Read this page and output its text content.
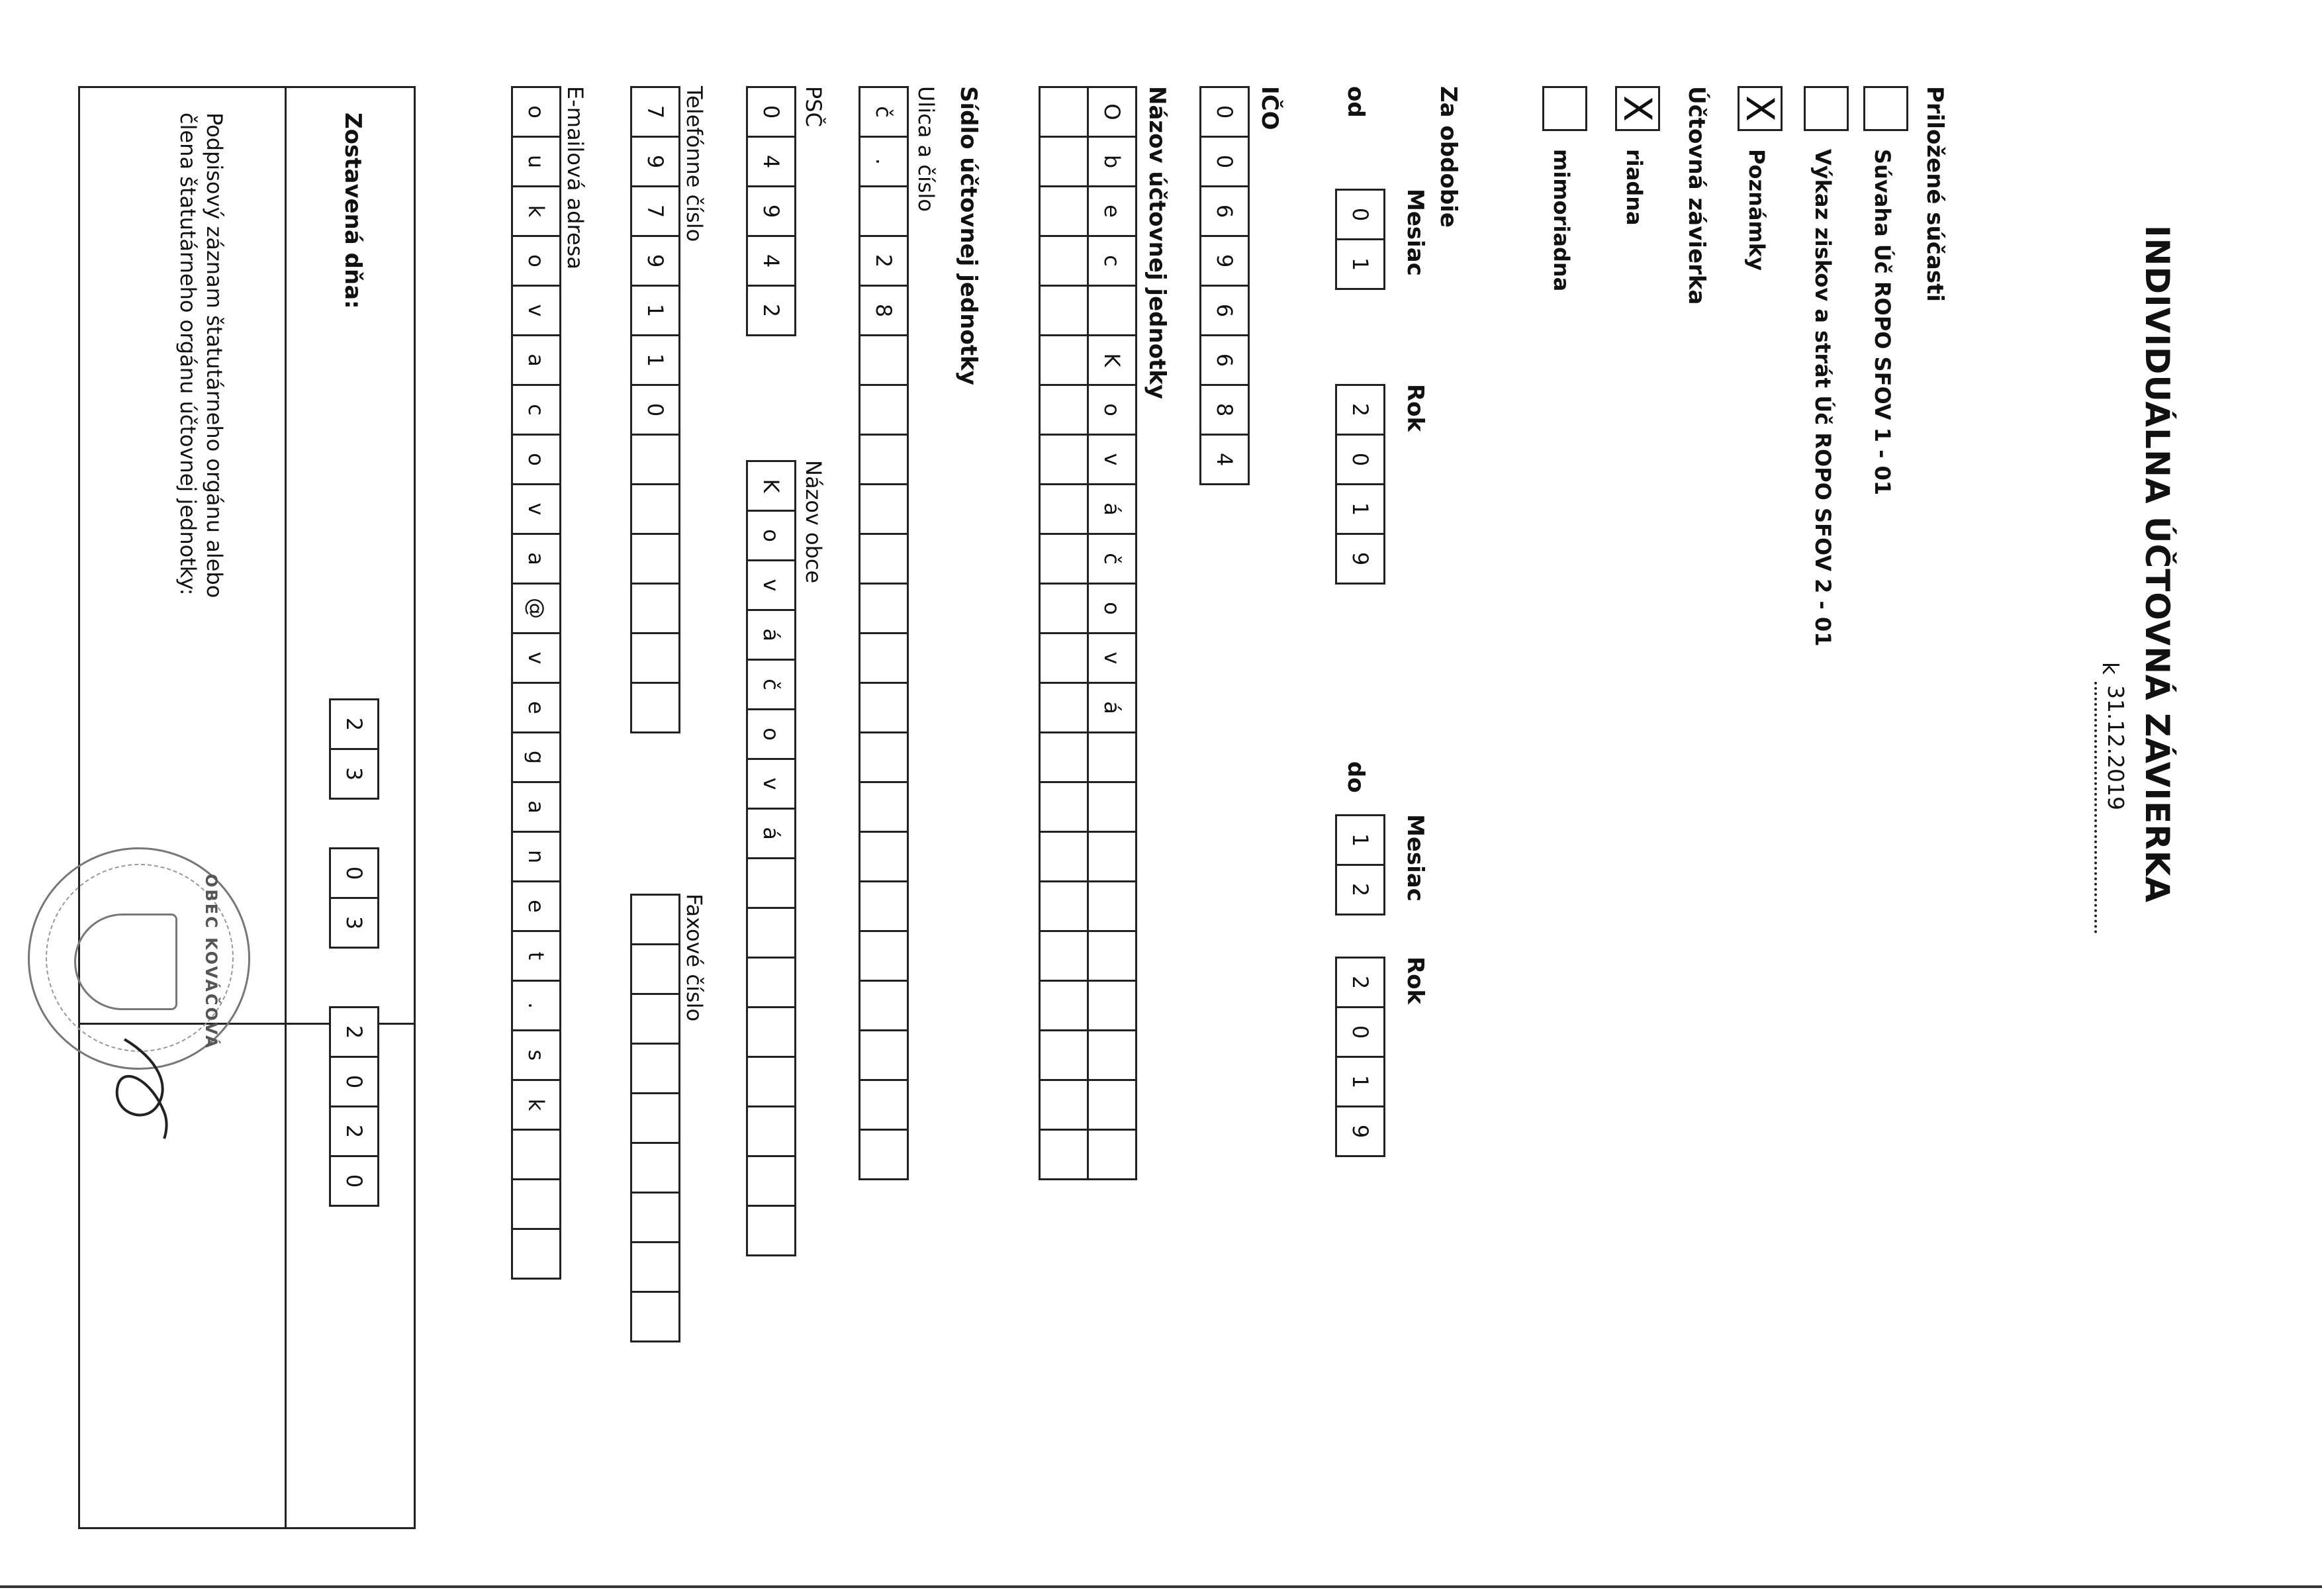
INDIVIDUÁLNA ÚČTOVNÁ ZÁVIERKA
k
31.12.2019
Priložené súčasti
Súvaha Úč ROPO SFOV 1 - 01
Výkaz ziskov a strát Úč ROPO SFOV 2 - 01
X
Poznámky
Účtovná závierka
X
riadna
mimoriadna
Za obdobie
Mesiac
Rok
Mesiac
Rok
od
0
1
2
0
1
9
do
1
2
2
0
1
9
IČO
0
0
6
9
6
6
8
4
Názov účtovnej jednotky
O
b
e
c
K
o
v
á
č
o
v
á
Sídlo účtovnej jednotky
Ulica a číslo
č
.
2
8
PSČ
0
4
9
4
2
Názov obce
K
o
v
á
č
o
v
á
Telefónne číslo
7
9
7
9
1
1
0
Faxové číslo
E-mailová adresa
o
u
k
o
v
a
c
o
v
a
@
v
e
g
a
n
e
t
.
s
k
Zostavená dňa:
2
3
0
3
2
0
2
0
Podpisový záznam štatutárneho orgánu alebo
člena štatutárneho orgánu účtovnej jednotky:
OBEC KOVÁČOVÁ
